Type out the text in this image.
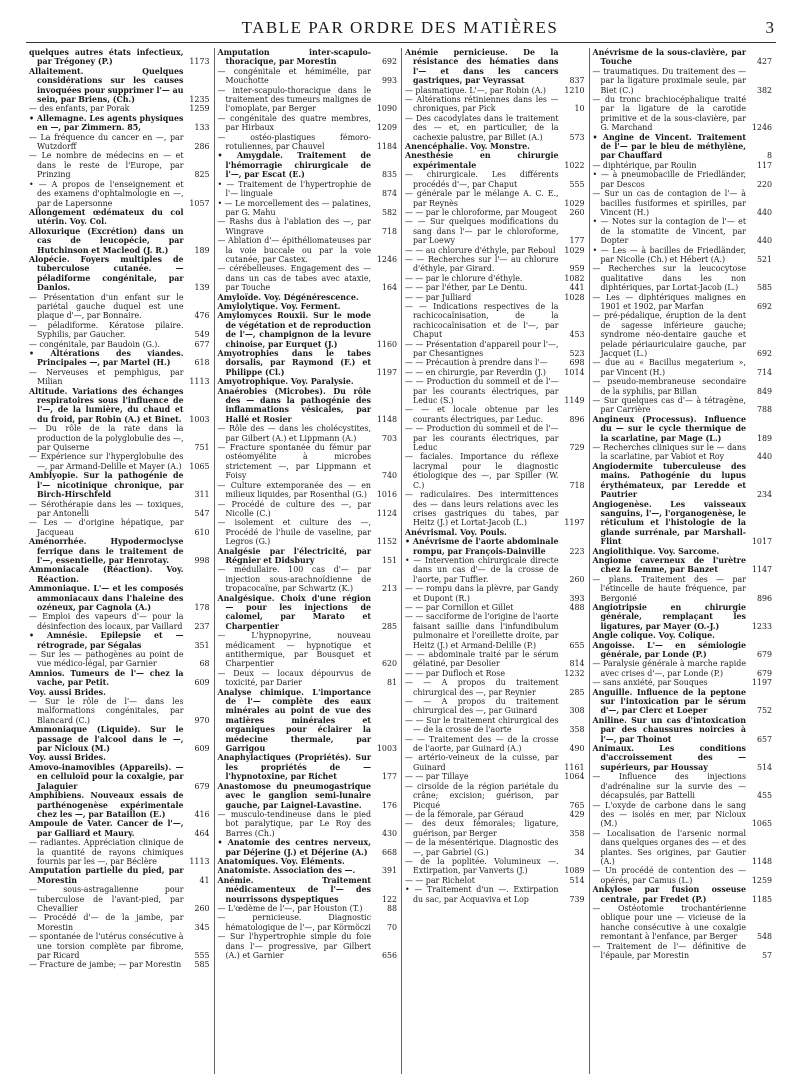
TABLE PAR ORDRE DES MATIÈRES	3
quelques autres états infectieux, par Trégoney (P.)	1173
Allaitement. Quelques considérations sur les causes invoquées pour supprimer l'— au sein, par Briens, (Ch.)	1235
— des enfants, par Porak	1259
• Allemagne. Les agents physiques en —, par Zimmern. 85,	133
— La fréquence du cancer en —, par Wutzdorff	286
— Le nombre de médecins en — et dans le reste de l'Europe, par Prinzing	825
• — A propos de l'enseignement et des examens d'ophtalmologie en —, par de Lapersonne	1057
Allongement œdémateux du col utérin. Voy. Col.
Alloxurique (Excrétion) dans un cas de leucopécie, par Hutchinson et Macleod (J. R.)	189
Alopécie. Foyers multiples de tuberculose cutanée. — péladiforme congénitale, par Danlos.	139
— Présentation d'un enfant sur le pariétal gauche duquel est une plaque d'—, par Bonnaire.	476
— péladiforme. Kératose pilaire. Syphilis, par Gaucher.	549
— congénitale, par Baudoin (G.).	677
• Altérations des viandes. Principales —, par Martel (H.)	618
— Nerveuses et pemphigus, par Milian	1113
Altitude. Variations des échanges respiratoires sous l'influence de l'—, de la lumière, du chaud et du froid, par Robin (A.) et Binet. 1003
— Du rôle de la rate dans la production de la polyglobulie des —, par Quiserne	751
— Expérience sur l'hyperglobulie des —, par Armand-Delille et Mayer (A.) 1065
Amblyopie. Sur la pathogénie de l'— nicotinique chronique, par Birch-Hirschfeld	311
— Sérothérapie dans les — toxiques, par Antonelli	547
— Les — d'origine hépatique, par Jacqueau	610
Aménorrhée. Hypodermoclyse ferrique dans le traitement de l'—, essentielle, par Henrotay.	998
Ammoniacale (Réaction). Voy. Réaction.
Ammoniaque. L'— et les composés ammoniacaux dans l'haleine des ozéneux, par Cagnola (A.)	178
— Emploi des vapeurs d'— pour la désinfection des locaux, par Vaillard 237
• Amnésie. Epilepsie et — rétrograde, par Ségalas	351
— Sur les — pathogènes au point de vue médico-légal, par Garnier	68
Amnios. Tumeurs de l'— chez la vache, par Petit.	609
Voy. aussi Brides.
— Sur le rôle de l'— dans les malformations congénitales, par Blancard (C.)	970
Ammoniaque (Liquide). Sur le passage de l'alcool dans le —, par Nicloux (M.)	609
Voy. aussi Brides.
Amovo-inamovibles (Appareils). — en celluloïd pour la coxalgie, par Jalaguier	679
Amphibiens. Nouveaux essais de parthénogenèse expérimentale chez les —, par Bataillon (E.)	416
Ampoule de Vater. Cancer de l'—, par Galliard et Maury.	464
— radiantes. Appréciation clinique de la quantité de rayons chimiques fournis par les —, par Béclère	1113
Amputation partielle du pied, par Morestin	41
— sous-astragalienne pour tuberculose de l'avant-pied, par Chevallier	260
— Procédé d'— de la jambe, par Morestin	345
— spontanée de l'utérus consécutive à une torsion complète par fibrome, par Ricard	555
— Fracture de jambe; — par Morestin 585
Amputation inter-scapulo-thoracique, par Morestin	692
— congénitale et hémimélie, par Mouchotte	993
— inter-scapulo-thoracique dans le traitement des tumeurs malignes de l'omoplate, par Berger	1090
— congénitale des quatre membres, par Hirbaux	1209
— ostéo-plastiques fémoro-rotuliennes, par Chauvel	1184
• Amygdale. Traitement de l'hémorragie chirurgicale de l'—, par Escat (E.)	835
• — Traitement de l'hypertrophie de l'— linguale	874
• — Le morcellement des — palatines, par G. Mahu	582
— Rashs dus à l'ablation des —, par Wingrave	718
— Ablation d'— épithéliomateuses par la voie buccale ou par la voie cutanée, par Castex.	1246
— cérébelleuses. Engagement des — dans un cas de tabes avec ataxie, par Touche	164
Amyloïde. Voy. Dégénérescence.
Amylolytique. Voy. Ferment.
Amylomyces Rouxii. Sur le mode de végétation et de reproduction de l'—, champignon de la levure chinoise, par Eurquet (J.)	1160
Amyotrophies dans le tabes dorsalis, par Raymond (F.) et Philippe (Cl.)	1197
Amyotrophique. Voy. Paralysie.
Anaérobies (Microbes). Du rôle des — dans la pathogénie des inflammations vésicales, par Hallé et Rosier	1148
— Rôle des — dans les cholécystites, par Gilbert (A.) et Lippmann (A.)	703
— Fracture spontanée du fémur par ostéomyélite à microbes strictement —, par Lippmann et Foisy	740
— Culture extemporanée des — en milieux liquides, par Rosenthal (G.) 1016
— Procédé de culture des —, par Nicolle (C.)	1124
— isolement et culture des —, Procédé de l'huile de vaseline, par Legros (G.)	1152
Analgésie par l'électricité, par Régnier et Didsbury	151
— médullaire. 100 cas d'— par injection sous-arachnoïdienne de tropacocaïne, par Schwartz (K.)	213
Analgésique. Choix d'une région — pour les injections de calomel, par Marato et Charpentier	285
— L'hypnopyrine, nouveau médicament — hypnotique et antithermique, par Bousquet et Charpentier	620
— Deux — locaux dépourvus de toxicité, par Darier	81
Analyse chimique. L'importance de l'— complète des eaux minérales au point de vue des matières minérales et organiques pour éclairer la médecine thermale, par Garrigou	1003
Anaphylactiques (Propriétés). Sur les propriétés de —l'hypnotoxine, par Richet	177
Anastomose du pneumogastrique avec le ganglion semi-lunaire gauche, par Laignel-Lavastine.	176
— musculo-tendineuse dans le pied bot paralytique, par Le Roy des Barres (Ch.)	430
• Anatomie des centres nerveux, par Déjerine (J.) et Déjerine (A.) 668
Anatomiques. Voy. Éléments.
Anatomiste. Association des —.	391
Anémie. Traitement médicamenteux de l'— des nourrissons dyspeptiques	122
— L'œdème de l'—, par Houston (T.)	88
— pernicieuse. Diagnostic hématologique de l'—, par Körmöczi 70
— Sur l'hypertrophie simple du foie dans l'— progressive, par Gilbert (A.) et Garnier	656
Anémie pernicieuse. De la résistance des hématies dans l'— et dans les cancers gastriques, par Veyrassat	837
— plasmatique. L'—, par Robin (A.) 1210
— Altérations rétiniennes dans les — chroniques, par Pick	10
— Des cacodylates dans le traitement des — et, en particulier, de la cachexie palustre, par Billet (A.)	573
Anencéphalie. Voy. Monstre.
Anesthésie en chirurgie expérimentale	1022
— chirurgicale. Les différents procédés d'—, par Chaput	555
— générale par le mélange A. C. E., par Reynès	1029
— — par le chloroforme, par Mougeot 260
— — Sur quelques modifications du sang dans l'— par le chloroforme, par Loewy	177
— — au chlorure d'éthyle, par Reboul 1029
— — Recherches sur l'— au chlorure d'éthyle, par Girard.	959
— — par le chlorure d'éthyle.	1082
— — par l'éther, par Le Dentu.	441
— — par Julliard	1028
— — Indications respectives de la rachicocaïnisation, de la rachicocaïnisation et de l'—, par Chaput	453
— — Présentation d'appareil pour l'—, par Chesantignes	523
— — Précaution à prendre dans l'—	698
— — en chirurgie, par Reverdin (J.) 1014
— — Production du sommeil et de l'— par les courants électriques, par Leduc (S.)	1149
— — et locale obtenue par les courants électriques, par Leduc.	896
— — Production du sommeil et de l'— par les courants électriques, par Leduc	729
— faciales. Importance du réflexe lacrymal pour le diagnostic étiologique des —, par Spiller (W. C.)	718
— radiculaires. Des intermittences des — dans leurs relations avec les crises gastriques du tabes, par Heitz (J.) et Lortat-Jacob (L.)	1197
Anévrismal. Voy. Pouls.
• Anévrisme de l'aorte abdominale rompu, par François-Dainville	223
• — Intervention chirurgicale directe dans un cas d'— de la crosse de l'aorte, par Tuffier.	260
— — rompu dans la plèvre, par Gandy et Dupont (R.)	393
— — par Cornillon et Gillet	488
— — sacciforme de l'origine de l'aorte faisant saillie dans l'infundibulum pulmonaire et l'oreillette droite, par Heitz (J.) et Armand-Delille (P.)	655
— — abdominale traité par le sérum gélatiné, par Desolier	814
— — par Dufloch et Rose	1232
— — A propos du traitement chirurgical des —, par Reynier	285
— — A propos du traitement chirurgical des —, par Guinard	308
— — Sur le traitement chirurgical des — de la crosse de l'aorte	358
— — Traitement des — de la crosse de l'aorte, par Guinard (A.)	490
— artério-veineux de la cuisse, par Guinard	1161
— — par Tillaye	1064
— cirsoïde de la région pariétale du crâne; excision; guérison, par Picqué	765
— de la fémorale, par Géraud	429
— des deux fémorales; ligature, guérison, par Berger	358
— de la mésentérique. Diagnostic des —, par Gabriel (G.)	34
— de la poplitée. Volumineux —. Extirpation, par Vanverts (J.)	1089
— — par Richelot	514
• — Traitement d'un —. Extirpation du sac, par Acquaviva et Lop	739
Anévrisme de la sous-clavière, par Touche	427
— traumatiques. Du traitement des — par la ligature proximale seule, par Biet (C.)	382
— du tronc brachiocéphalique traité par la ligature de la carotide primitive et de la sous-clavière, par G. Marchand	1246
• Angine de Vincent. Traitement de l'— par le bleu de méthylène, par Chauffard	8
— diphtérique, par Roulin	117
• — à pneumobacille de Friedländer, par Descos	220
— Sur un cas de contagion de l'— à bacilles fusiformes et spirilles, par Vincent (H.)	440
• — Notes sur la contagion de l'— et de la stomatite de Vincent, par Dopter	440
• — Les — à bacilles de Friedländer, par Nicolle (Ch.) et Hébert (A.)	521
— Recherches sur la leucocytose qualitative dans les non diphtériques, par Lortat-Jacob (L.) 585
— Les — diphtériques malignes en 1901 et 1902, par Marfan	692
— pré-pédalique, éruption de la dent de sagesse inférieure gauche; syndrome néo-dentaire gauche et pelade périauriculaire gauche, par Jacquet (L.)	692
— due au « Bacillus megaterium », par Vincent (H.)	714
— pseudo-membraneuse secondaire de la syphilis, par Billan	849
— Sur quelques cas d'— à tétragène, par Carrière	788
Angineux (Processus). Influence du — sur le cycle thermique de la scarlatine, par Mage (L.)	189
— Recherches cliniques sur le — dans la scarlatine, par Vabiot et Roy	440
Angiodermite tuberculeuse des mains. Pathogénie du lupus érythémateux, par Leredde et Pautrier	234
Angiogenèse. Les vaisseaux sanguins, l'—, l'organogenèse, le réticulum et l'histologie de la glande surrénale, par Marshall-Flint	1017
Angiolithique. Voy. Sarcome.
Angiome caverneux de l'urètre chez la femme, par Banzet	1147
— plans. Traitement des — par l'étincelle de haute fréquence, par Bergonié	896
Angiotripsie en chirurgie générale, remplaçant les ligatures, par Mayer (O.-J.)	1233
Angle colique. Voy. Colique.
Angoisse. L'— en sémiologie générale, par Londe (P.)	679
— Paralysie générale à marche rapide avec crises d'—, par Londe (P.)	679
— sans anxiété, par Souques	1197
Anguille. Influence de la peptone sur l'intoxication par le sérum d'—, par Clerc et Loeper	752
Aniline. Sur un cas d'intoxication par des chaussures noircies à l'—, par Thoinot	657
Animaux. Les conditions d'accroissement des — supérieurs, par Houssay	514
— Influence des injections d'adrénaline sur la survie des — décapsulés, par Battelli	455
— L'oxyde de carbone dans le sang des — isolés en mer, par Nicloux (M.)	1065
— Localisation de l'arsenic normal dans quelques organes des — et des plantes. Ses origines, par Gautier (A.)	1148
— Un procédé de contention des — opérés, par Camus (L.)	1259
Ankylose par fusion osseuse centrale, par Fredet (P.)	1185
— Ostéotomie trochantérienne oblique pour une — vicieuse de la hanche consécutive à une coxalgie remontant à l'enfance, par Berger	548
— Traitement de l'— définitive de l'épaule, par Morestin	57
